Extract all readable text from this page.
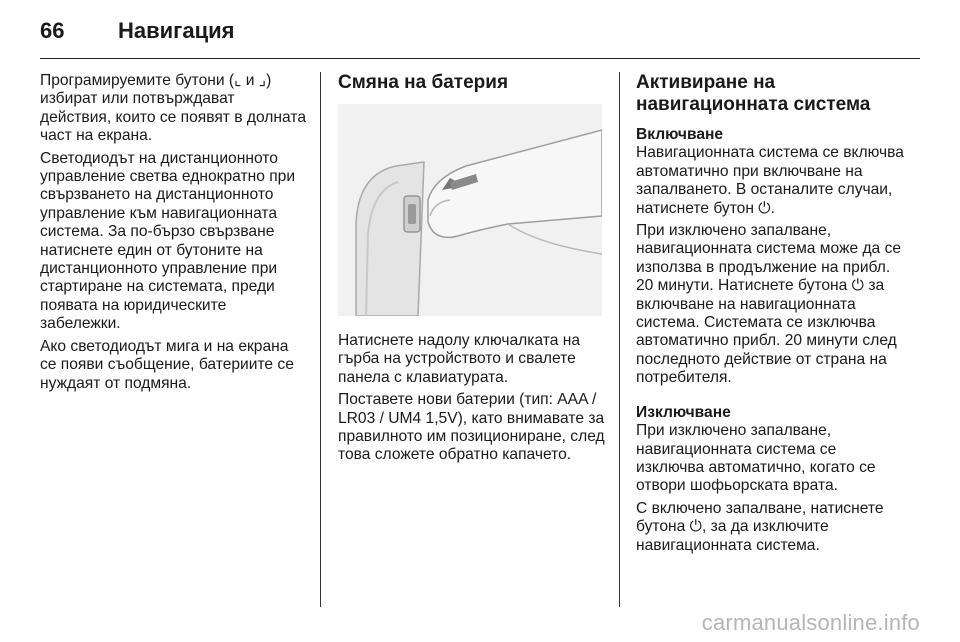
66	Навигация

Програмируемите бутони (⌞ и ⌟) избират или потвърждават действия, които се появят в долната част на екрана.

Светодиодът на дистанционното управление светва еднократно при свързването на дистанционното управление към навигационната система. За по-бързо свързване натиснете един от бутоните на дистанционното управление при стартиране на системата, преди появата на юридическите забележки.

Ако светодиодът мига и на екрана се появи съобщение, батериите се нуждаят от подмяна.

Смяна на батерия

Натиснете надолу ключалката на гърба на устройството и свалете панела с клавиатурата.

Поставете нови батерии (тип: AAA / LR03 / UM4 1,5V), като внимавате за правилното им позициониране, след това сложете обратно капачето.

Активиране на навигационната система
Включване

Навигационната система се включва автоматично при включване на запалването. В останалите случаи, натиснете бутон ⏻.

При изключено запалване, навигационната система може да се използва в продължение на прибл. 20 минути. Натиснете бутона ⏻ за включване на навигационната система. Системата се изключва автоматично прибл. 20 минути след последното действие от страна на потребителя.

Изключване

При изключено запалване, навигационната система се изключва автоматично, когато се отвори шофьорската врата.

С включено запалване, натиснете бутона ⏻, за да изключите навигационната система.

carmanualsonline.info
